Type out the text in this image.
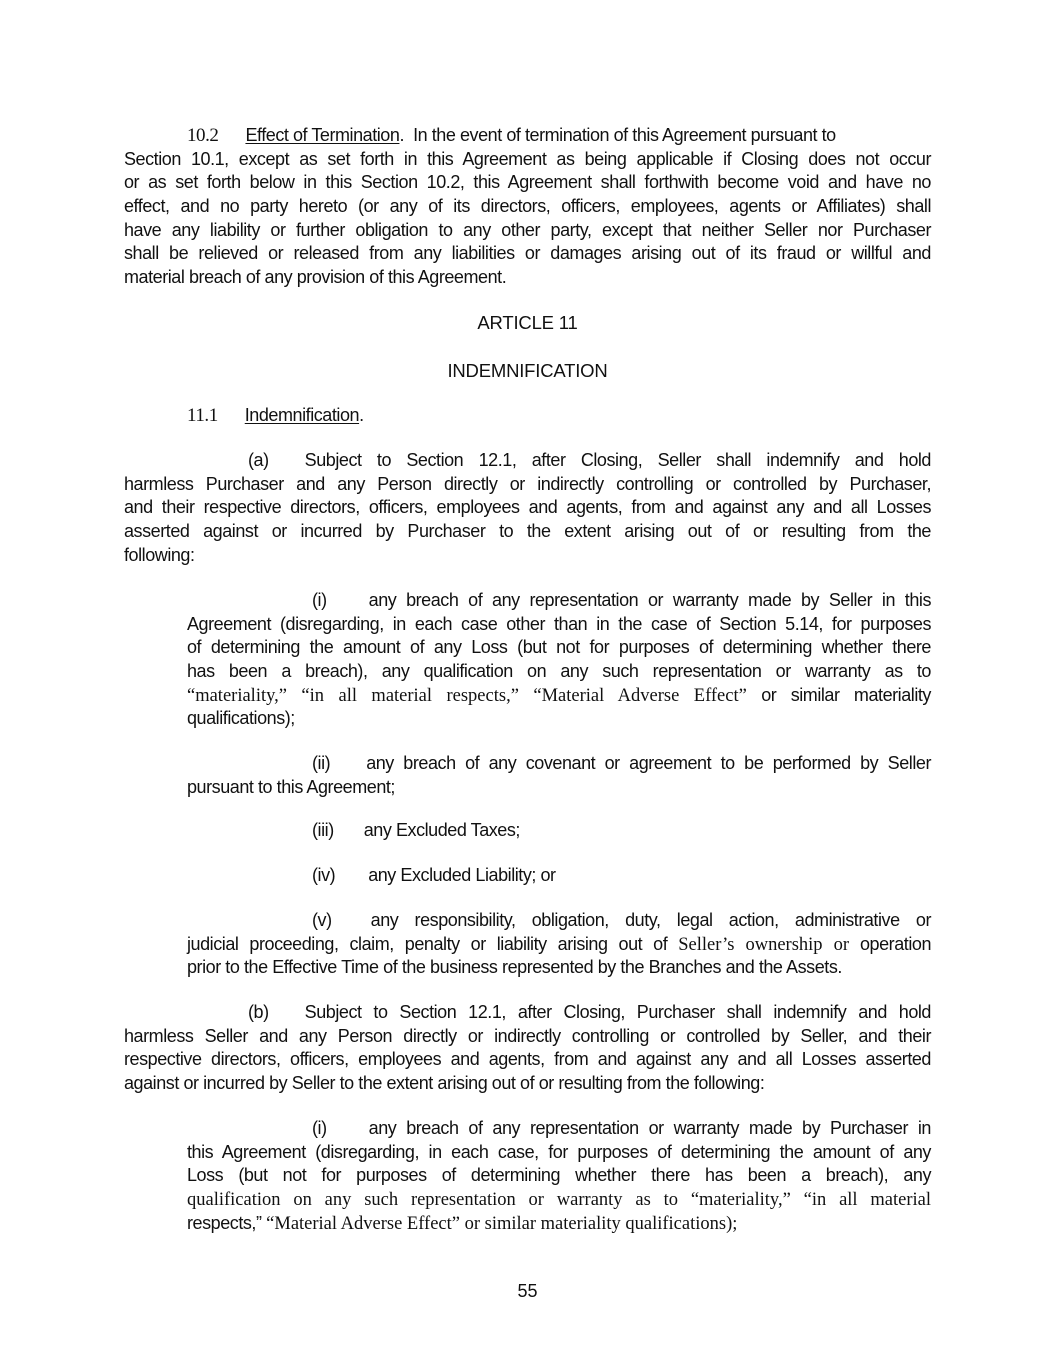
10.2 Effect of Termination.  In the event of termination of this Agreement pursuant to
Section 10.1, except as set forth in this Agreement as being applicable if Closing does not occur
or as set forth below in this Section 10.2, this Agreement shall forthwith become void and have no
effect, and no party hereto (or any of its directors, officers, employees, agents or Affiliates) shall
have any liability or further obligation to any other party, except that neither Seller nor Purchaser
shall be relieved or released from any liabilities or damages arising out of its fraud or willful and
material breach of any provision of this Agreement.
ARTICLE 11
INDEMNIFICATION
11.1 Indemnification.
(a) Subject to Section 12.1, after Closing, Seller shall indemnify and hold
harmless Purchaser and any Person directly or indirectly controlling or controlled by Purchaser,
and their respective directors, officers, employees and agents, from and against any and all Losses
asserted against or incurred by Purchaser to the extent arising out of or resulting from the
following:
(i) any breach of any representation or warranty made by Seller in this
Agreement (disregarding, in each case other than in the case of Section 5.14, for purposes
of determining the amount of any Loss (but not for purposes of determining whether there
has been a breach), any qualification on any such representation or warranty as to
“materiality,” “in all material respects,” “Material Adverse Effect” or similar materiality
qualifications);
(ii) any breach of any covenant or agreement to be performed by Seller
pursuant to this Agreement;
(iii) any Excluded Taxes;
(iv) any Excluded Liability; or
(v) any responsibility, obligation, duty, legal action, administrative or
judicial proceeding, claim, penalty or liability arising out of Seller’s ownership or operation
prior to the Effective Time of the business represented by the Branches and the Assets.
(b) Subject to Section 12.1, after Closing, Purchaser shall indemnify and hold
harmless Seller and any Person directly or indirectly controlling or controlled by Seller, and their
respective directors, officers, employees and agents, from and against any and all Losses asserted
against or incurred by Seller to the extent arising out of or resulting from the following:
(i) any breach of any representation or warranty made by Purchaser in
this Agreement (disregarding, in each case, for purposes of determining the amount of any
Loss (but not for purposes of determining whether there has been a breach), any
qualification on any such representation or warranty as to “materiality,” “in all material
respects,” “Material Adverse Effect” or similar materiality qualifications);
55
